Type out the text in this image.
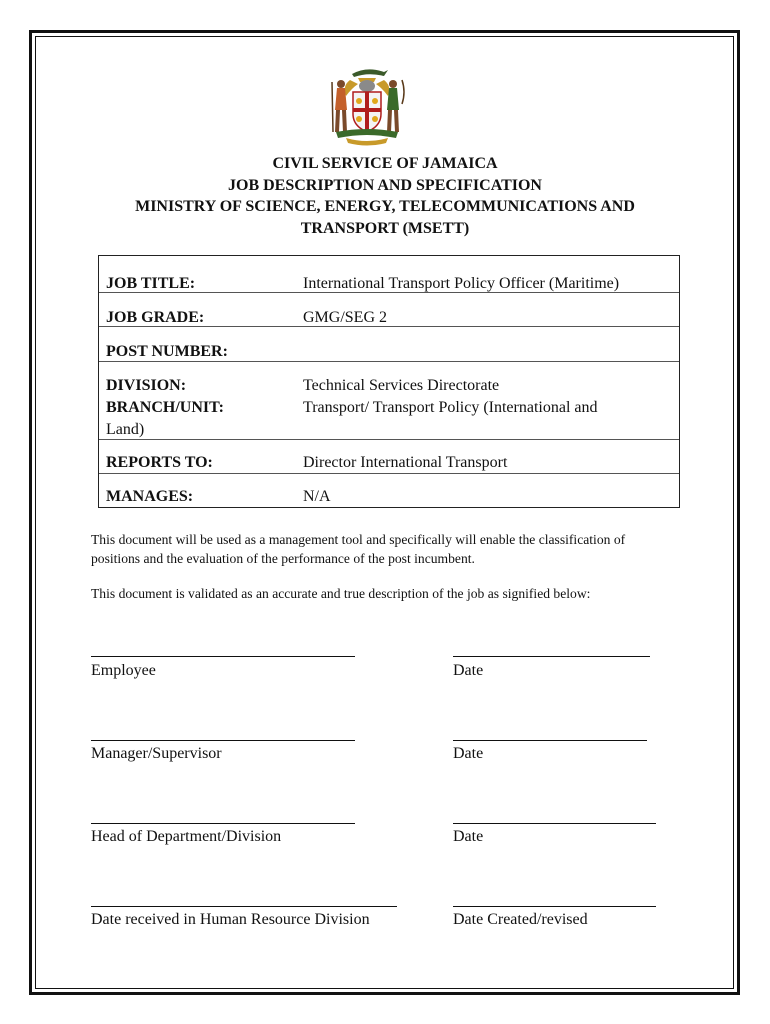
CIVIL SERVICE OF JAMAICA
JOB DESCRIPTION AND SPECIFICATION
MINISTRY OF SCIENCE, ENERGY, TELECOMMUNICATIONS AND
TRANSPORT (MSETT)
JOB TITLE:	International Transport Policy Officer (Maritime)
JOB GRADE:	GMG/SEG 2
POST NUMBER:
DIVISION:	Technical Services Directorate
BRANCH/UNIT:	Transport/ Transport Policy (International and
Land)
REPORTS TO:	Director International Transport
MANAGES:	N/A
This document will be used as a management tool and specifically will enable the classification of
positions and the evaluation of the performance of the post incumbent.
This document is validated as an accurate and true description of the job as signified below:
Employee	Date
Manager/Supervisor	Date
Head of Department/Division	Date
Date received in Human Resource Division	Date Created/revised
